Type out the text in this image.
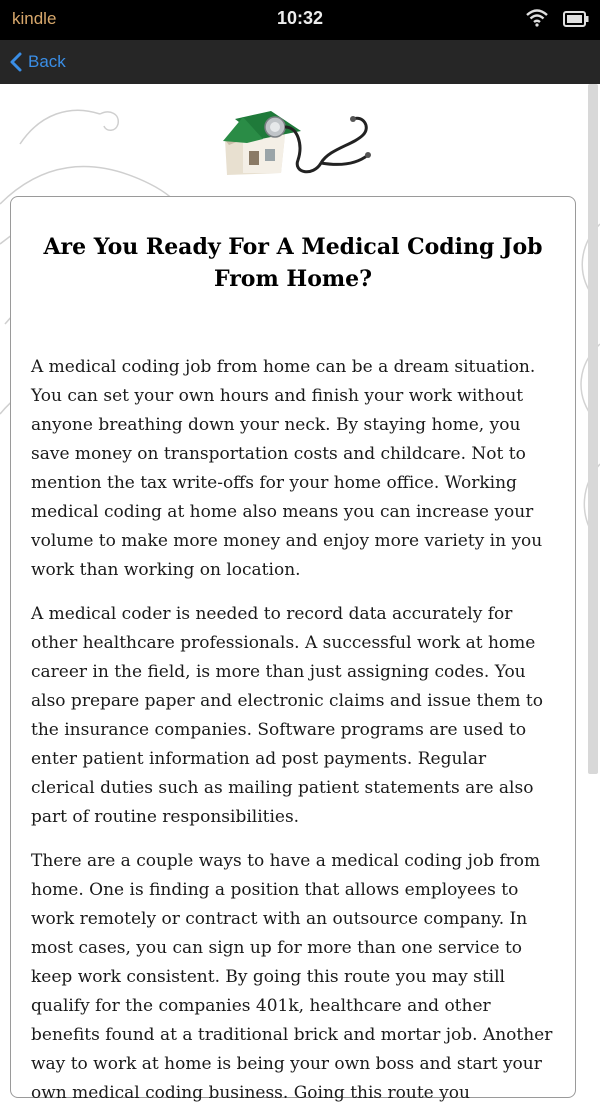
kindle	10:32
Back
Are You Ready For A Medical Coding Job From Home?

A medical coding job from home can be a dream situation. You can set your own hours and finish your work without anyone breathing down your neck. By staying home, you save money on transportation costs and childcare. Not to mention the tax write-offs for your home office. Working medical coding at home also means you can increase your volume to make more money and enjoy more variety in you work than working on location.

A medical coder is needed to record data accurately for other healthcare professionals. A successful work at home career in the field, is more than just assigning codes. You also prepare paper and electronic claims and issue them to the insurance companies. Software programs are used to enter patient information ad post payments. Regular clerical duties such as mailing patient statements are also part of routine responsibilities.

There are a couple ways to have a medical coding job from home. One is finding a position that allows employees to work remotely or contract with an outsource company. In most cases, you can sign up for more than one service to keep work consistent. By going this route you may still qualify for the companies 401k, healthcare and other benefits found at a traditional brick and mortar job. Another way to work at home is being your own boss and start your own medical coding business. Going this route you
